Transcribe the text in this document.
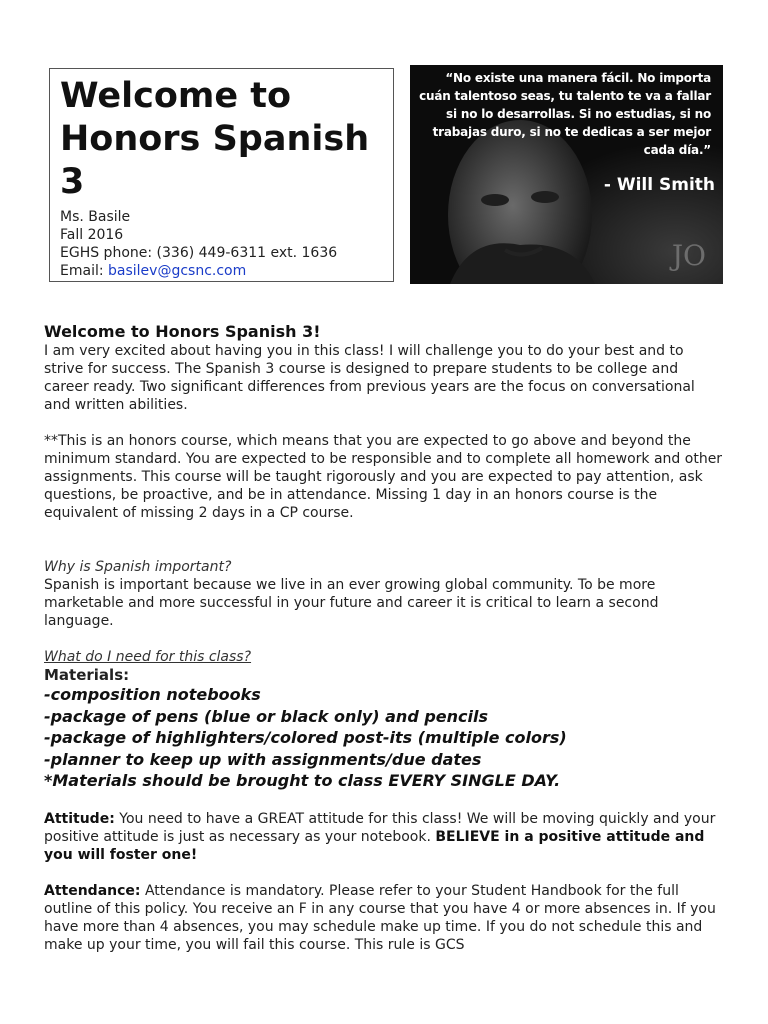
Welcome to Honors Spanish 3
Ms. Basile
Fall 2016
EGHS phone: (336) 449-6311 ext. 1636
Email: basilev@gcsnc.com	JO
“No existe una manera fácil. No importa cuán talentoso seas, tu talento te va a fallar si no lo desarrollas. Si no estudias, si no trabajas duro, si no te dedicas a ser mejor cada día.”
- Will Smith
Welcome to Honors Spanish 3!

I am very excited about having you in this class! I will challenge you to do your best and to strive for success. The Spanish 3 course is designed to prepare students to be college and career ready. Two significant differences from previous years are the focus on conversational and written abilities.

**This is an honors course, which means that you are expected to go above and beyond the minimum standard. You are expected to be responsible and to complete all homework and other assignments. This course will be taught rigorously and you are expected to pay attention, ask questions, be proactive, and be in attendance. Missing 1 day in an honors course is the equivalent of missing 2 days in a CP course.

Why is Spanish important?

Spanish is important because we live in an ever growing global community. To be more marketable and more successful in your future and career it is critical to learn a second language.

What do I need for this class?

Materials:

-composition notebooks

-package of pens (blue or black only) and pencils

-package of highlighters/colored post-its (multiple colors)

-planner to keep up with assignments/due dates

*Materials should be brought to class EVERY SINGLE DAY.

Attitude: You need to have a GREAT attitude for this class! We will be moving quickly and your positive attitude is just as necessary as your notebook. BELIEVE in a positive attitude and you will foster one!

Attendance: Attendance is mandatory. Please refer to your Student Handbook for the full outline of this policy. You receive an F in any course that you have 4 or more absences in. If you have more than 4 absences, you may schedule make up time. If you do not schedule this and make up your time, you will fail this course. This rule is GCS
